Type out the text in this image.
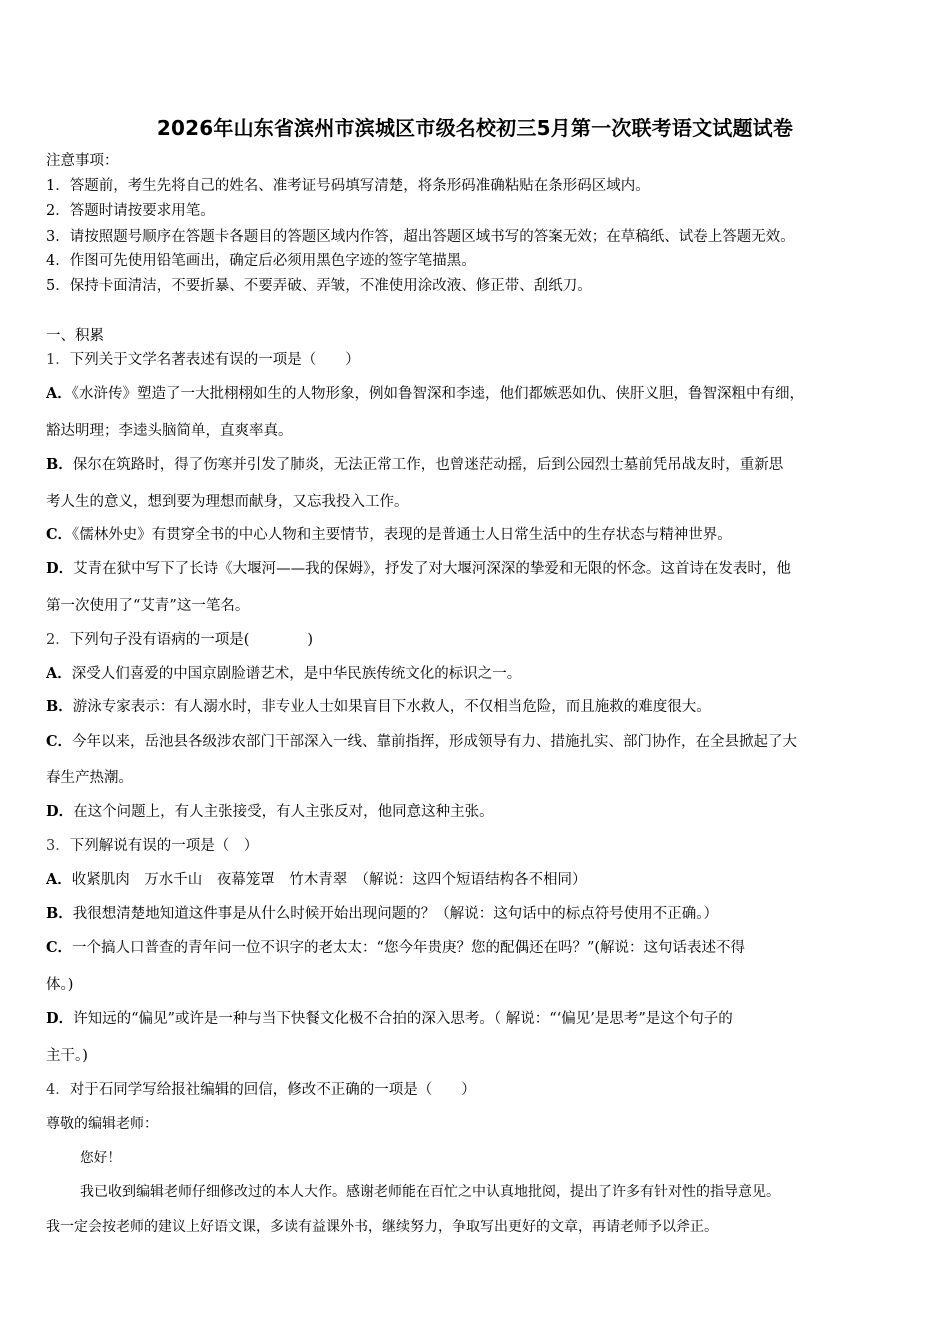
2026年山东省滨州市滨城区市级名校初三5月第一次联考语文试题试卷
注意事项：
1．答题前，考生先将自己的姓名、准考证号码填写清楚，将条形码准确粘贴在条形码区域内。
2．答题时请按要求用笔。
3．请按照题号顺序在答题卡各题目的答题区域内作答，超出答题区域书写的答案无效；在草稿纸、试卷上答题无效。
4．作图可先使用铅笔画出，确定后必须用黑色字迹的签字笔描黑。
5．保持卡面清洁，不要折暴、不要弄破、弄皱，不准使用涂改液、修正带、刮纸刀。
一、积累
1．下列关于文学名著表述有误的一项是（　　）
A．《水浒传》塑造了一大批栩栩如生的人物形象，例如鲁智深和李逵，他们都嫉恶如仇、侠肝义胆，鲁智深粗中有细，
豁达明理；李逵头脑简单，直爽率真。
B．保尔在筑路时，得了伤寒并引发了肺炎，无法正常工作，也曾迷茫动摇，后到公园烈士墓前凭吊战友时，重新思
考人生的意义，想到要为理想而献身，又忘我投入工作。
C．《儒林外史》有贯穿全书的中心人物和主要情节，表现的是普通士人日常生活中的生存状态与精神世界。
D．艾青在狱中写下了长诗《大堰河——我的保姆》，抒发了对大堰河深深的挚爱和无限的怀念。这首诗在发表时，他
第一次使用了“艾青”这一笔名。
2．下列句子没有语病的一项是(　　　　)
A．深受人们喜爱的中国京剧脸谱艺术，是中华民族传统文化的标识之一。
B．游泳专家表示：有人溺水时，非专业人士如果盲目下水救人，不仅相当危险，而且施救的难度很大。
C．今年以来，岳池县各级涉农部门干部深入一线、靠前指挥，形成领导有力、措施扎实、部门协作，在全县掀起了大
春生产热潮。
D．在这个问题上，有人主张接受，有人主张反对，他同意这种主张。
3．下列解说有误的一项是（　）
A．收紧肌肉　万水千山　夜幕笼罩　竹木青翠　（解说：这四个短语结构各不相同）
B．我很想清楚地知道这件事是从什么时候开始出现问题的？（解说：这句话中的标点符号使用不正确。）
C．一个搞人口普查的青年问一位不识字的老太太：“您今年贵庚？您的配偶还在吗？”(解说：这句话表述不得
体。)
D．许知远的“偏见”或许是一种与当下快餐文化极不合拍的深入思考。（ 解说：“‘偏见’是思考”是这个句子的
主干。)
4．对于石同学写给报社编辑的回信，修改不正确的一项是（　　）
尊敬的编辑老师：
您好！
我已收到编辑老师仔细修改过的本人大作。感谢老师能在百忙之中认真地批阅，提出了许多有针对性的指导意见。
我一定会按老师的建议上好语文课，多读有益课外书，继续努力，争取写出更好的文章，再请老师予以斧正。
